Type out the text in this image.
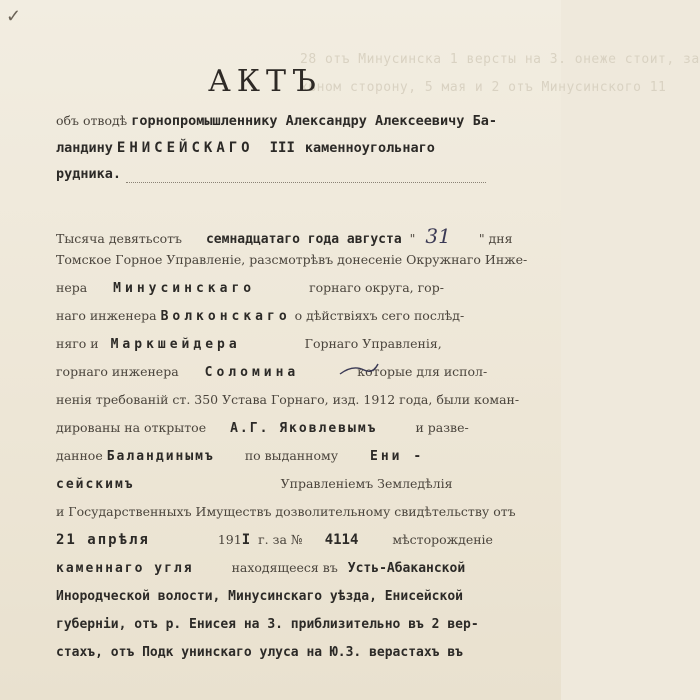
✓
28 отъ Минусинска 1 версты на З. онеже стоит, за
хьном сторону, 5 мая и 2 отъ Минусинского 11
АКТЪ
объ отводѣ горнопромышленнику Александру Алексеевичу Ба-
ландину ЕНИСЕЙСКАГО III каменноугольнаго
рудника.
Тысяча девятьсотъ семнадцатаго года августа " 31 " дня
Томское Горное Управленіе, разсмотрѣвъ донесеніе Окружнаго Инже-
нера Минусинскаго	горнаго округа, гор-
наго инженера Волконскаго о дѣйствіяхъ сего послѣд-
няго и Маркшейдера	Горнаго Управленія,
горнаго инженера Соломина	которые для испол-
ненія требованій ст. 350 Устава Горнаго, изд. 1912 года, были коман-
дированы на открытое А.Г. Яковлевымъ	и разве-
данное Баландинымъ по выданному Ени -
сейскимъ	Управленіемъ Земледѣлія
и Государственныхъ Имуществъ дозволительному свидѣтельству отъ
21 апрѣля	191I г. за № 4114	мѣсторожденіе
каменнаго угля	находящееся въ Усть-Абаканской
Инородческой волости, Минусинскаго уѣзда, Енисейской
губерніи, отъ р. Енисея на З. приблизительно въ 2 вер-
стахъ, отъ Подк унинскаго улуса на Ю.З. верастахъ въ
